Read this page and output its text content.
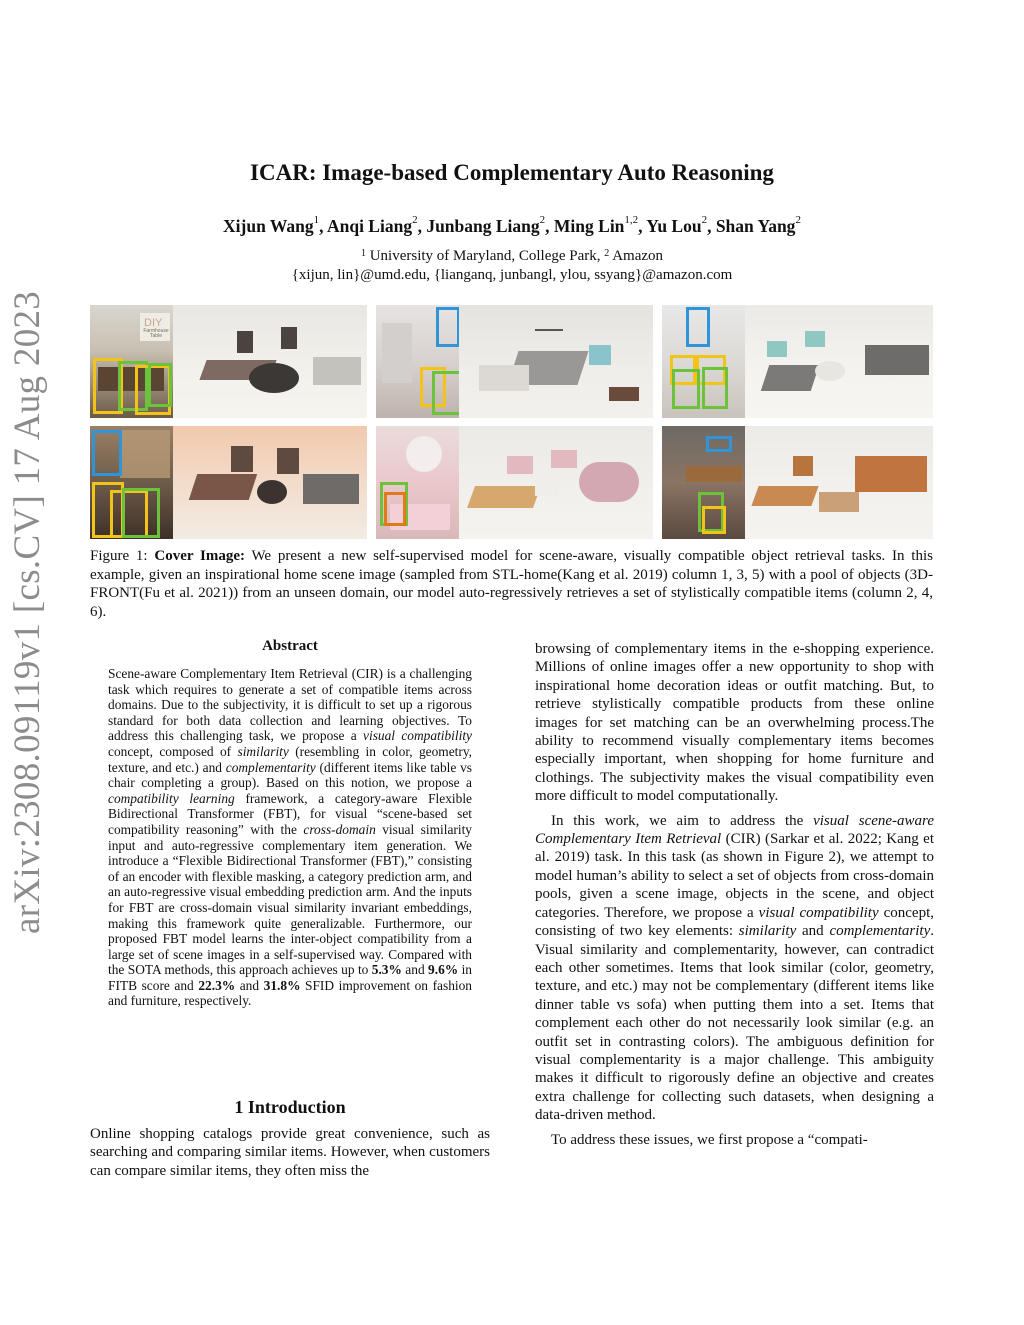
arXiv:2308.09119v1 [cs.CV] 17 Aug 2023
ICAR: Image-based Complementary Auto Reasoning
Xijun Wang$^1$, Anqi Liang$^2$, Junbang Liang$^2$, Ming Lin$^{1,2}$, Yu Lou$^2$, Shan Yang$^2$
$^1$ University of Maryland, College Park, $^2$ Amazon
{xijun, lin}@umd.edu, {lianganq, junbangl, ylou, ssyang}@amazon.com
DIY
Farmhouse Table
Figure 1: Cover Image: We present a new self-supervised model for scene-aware, visually compatible object retrieval tasks. In this example, given an inspirational home scene image (sampled from STL-home(Kang et al. 2019) column 1, 3, 5) with a pool of objects (3D-FRONT(Fu et al. 2021)) from an unseen domain, our model auto-regressively retrieves a set of stylistically compatible items (column 2, 4, 6).
Abstract
Scene-aware Complementary Item Retrieval (CIR) is a challenging task which requires to generate a set of compatible items across domains. Due to the subjectivity, it is difficult to set up a rigorous standard for both data collection and learning objectives. To address this challenging task, we propose a visual compatibility concept, composed of similarity (resembling in color, geometry, texture, and etc.) and complementarity (different items like table vs chair completing a group). Based on this notion, we propose a compatibility learning framework, a category-aware Flexible Bidirectional Transformer (FBT), for visual “scene-based set compatibility reasoning” with the cross-domain visual similarity input and auto-regressive complementary item generation. We introduce a “Flexible Bidirectional Transformer (FBT),” consisting of an encoder with flexible masking, a category prediction arm, and an auto-regressive visual embedding prediction arm. And the inputs for FBT are cross-domain visual similarity invariant embeddings, making this framework quite generalizable. Furthermore, our proposed FBT model learns the inter-object compatibility from a large set of scene images in a self-supervised way. Compared with the SOTA methods, this approach achieves up to 5.3% and 9.6% in FITB score and 22.3% and 31.8% SFID improvement on fashion and furniture, respectively.
1 Introduction
Online shopping catalogs provide great convenience, such as searching and comparing similar items. However, when customers can compare similar items, they often miss the

browsing of complementary items in the e-shopping experience. Millions of online images offer a new opportunity to shop with inspirational home decoration ideas or outfit matching. But, to retrieve stylistically compatible products from these online images for set matching can be an overwhelming process.The ability to recommend visually complementary items becomes especially important, when shopping for home furniture and clothings. The subjectivity makes the visual compatibility even more difficult to model computationally.

In this work, we aim to address the visual scene-aware Complementary Item Retrieval (CIR) (Sarkar et al. 2022; Kang et al. 2019) task. In this task (as shown in Figure 2), we attempt to model human’s ability to select a set of objects from cross-domain pools, given a scene image, objects in the scene, and object categories. Therefore, we propose a visual compatibility concept, consisting of two key elements: similarity and complementarity. Visual similarity and complementarity, however, can contradict each other sometimes. Items that look similar (color, geometry, texture, and etc.) may not be complementary (different items like dinner table vs sofa) when putting them into a set. Items that complement each other do not necessarily look similar (e.g. an outfit set in contrasting colors). The ambiguous definition for visual complementarity is a major challenge. This ambiguity makes it difficult to rigorously define an objective and creates extra challenge for collecting such datasets, when designing a data-driven method.

To address these issues, we first propose a “compati-
